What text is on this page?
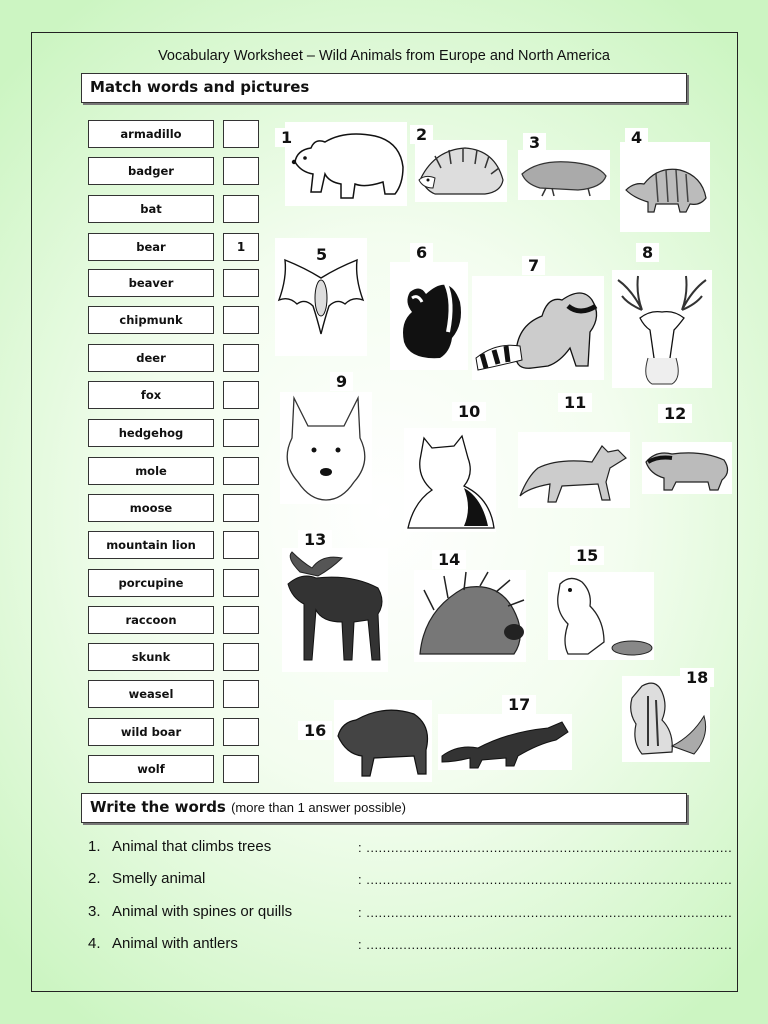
Vocabulary Worksheet – Wild Animals from Europe and North America
Match words and pictures
armadillo
badger
bat
bear	1
beaver
chipmunk
deer
fox
hedgehog
mole
moose
mountain lion
porcupine
raccoon
skunk
weasel
wild boar
wolf
1	2	3	4
5	6
7
8
9
10	11
12
13
14	15
16
17
18
Write the words (more than 1 answer possible)
1. Animal that climbs trees	: .........................................................................................
2. Smelly animal	: .........................................................................................
3. Animal with spines or quills	: .........................................................................................
4. Animal with antlers	: .........................................................................................
